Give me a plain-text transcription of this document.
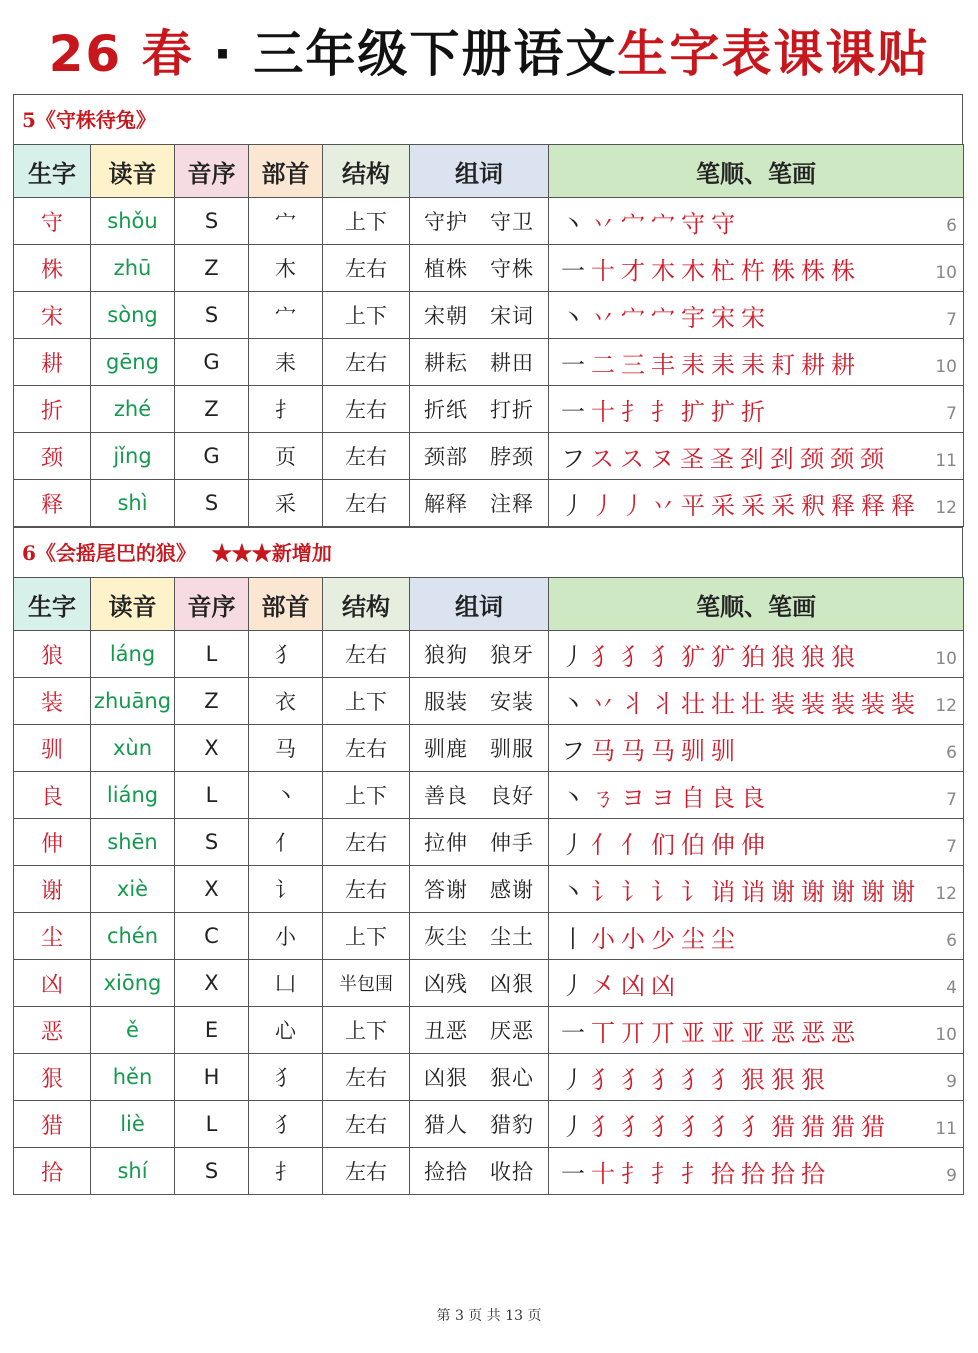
26 春 · 三年级下册语文生字表课课贴
5《守株待兔》
生字	读音	音序	部首	结构	组词	笔顺、笔画
守	shǒu	S	宀	上下	守护 守卫	丶丷宀宀守守 6

株	zhū	Z	木	左右	植株 守株	一十才木木杧杵株株株 10

宋	sòng	S	宀	上下	宋朝 宋词	丶丷宀宀宇宋宋 7

耕	gēng	G	耒	左右	耕耘 耕田	一二三丰耒耒耒耓耕耕 10

折	zhé	Z	扌	左右	折纸 打折	一十扌扌扩扩折 7

颈	jǐng	G	页	左右	颈部 脖颈	フススヌ圣圣刭刭颈颈颈 11

释	shì	S	采	左右	解释 注释	丿丿丿丷平采采采釈释释释 12
6《会摇尾巴的狼》 ★★★新增加
生字	读音	音序	部首	结构	组词	笔顺、笔画
狼	láng	L	犭	左右	狼狗 狼牙	丿犭犭犭犷犷狛狼狼狼 10

装	zhuāng	Z	衣	上下	服装 安装	丶丷丬丬壮壮壮装装装装装 12

驯	xùn	X	马	左右	驯鹿 驯服	フ马马马驯驯 6

良	liáng	L	丶	上下	善良 良好	丶ㄋヨヨ自良良 7

伸	shēn	S	亻	左右	拉伸 伸手	丿亻亻们伯伸伸 7

谢	xiè	X	讠	左右	答谢 感谢	丶讠讠讠讠诮诮谢谢谢谢谢 12

尘	chén	C	小	上下	灰尘 尘土	丨小小少尘尘 6

凶	xiōng	X	凵	半包围	凶残 凶狠	丿㐅凶凶 4

恶	ě	E	心	上下	丑恶 厌恶	一丅丌丌亚亚亚恶恶恶 10

狠	hěn	H	犭	左右	凶狠 狠心	丿犭犭犭犭犭狠狠狠 9

猎	liè	L	犭	左右	猎人 猎豹	丿犭犭犭犭犭犭猎猎猎猎 11

拾	shí	S	扌	左右	捡拾 收拾	一十扌扌扌拾拾拾拾 9
第 3 页 共 13 页
